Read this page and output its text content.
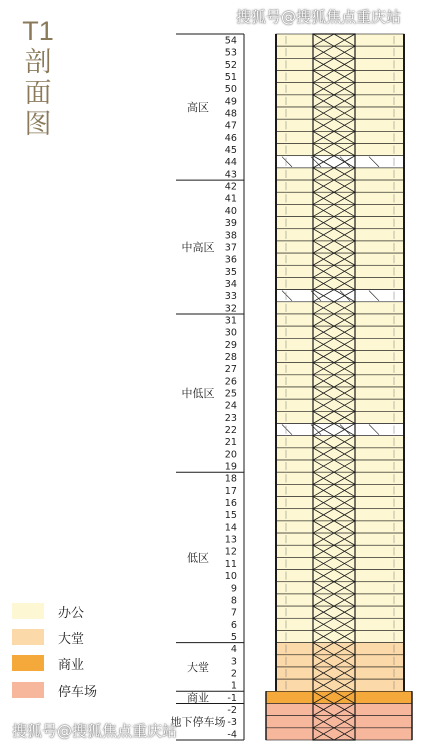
T1
剖
面
图
54
53
52
51
50
49
48
47
46
45
44
43
42
41
40
39
38
37
36
35
34
33
32
31
30
29
28
27
26
25
24
23
22
21
20
19
18
17
16
15
14
13
12
11
10
9
8
7
6
5
4
3
2
1
-1
-2
-3
-4
高区
中高区
中低区
低区
大堂
商业
地下停车场
搜狐号@搜狐焦点重庆站
办公
大堂
商业
停车场
搜狐号@搜狐焦点重庆站
